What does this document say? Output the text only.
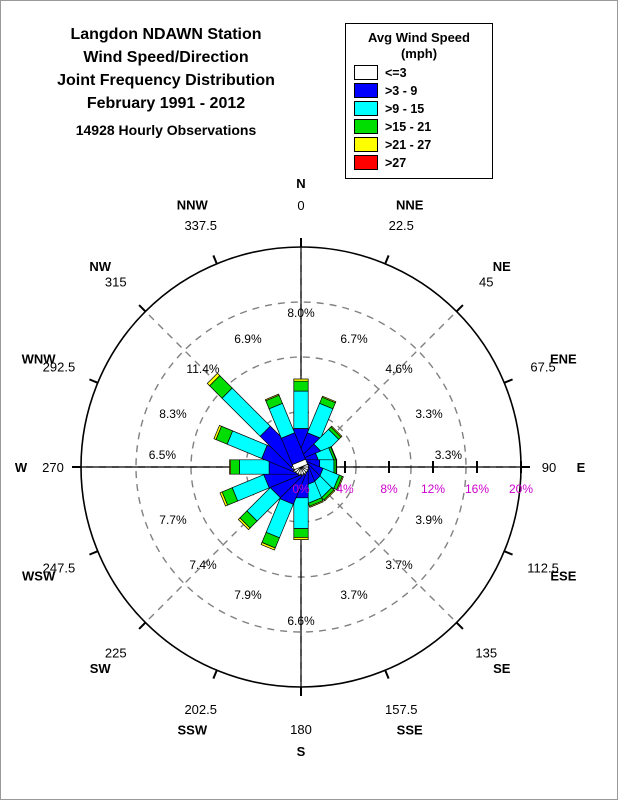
Langdon NDAWN Station
Wind Speed/Direction
Joint Frequency Distribution
February 1991 - 2012
14928 Hourly Observations
Avg Wind Speed
(mph)
<=3
>3 - 9
>9 - 15
>15 - 21
>21 - 27
>27
N
0
8.0%
NNE
22.5
6.7%
NE
45
4.6%
ENE
67.5
3.3%
E
90
3.3%
ESE
112.5
3.9%
SE
135
3.7%
SSE
157.5
3.7%
S
180
6.6%
SSW
202.5
7.9%
SW
225
7.4%
WSW
247.5
7.7%
W 270
6.5%
WNW
292.5
8.3%
NW
315
11.4%
NNW
337.5
6.9%
0% 4% 8% 12% 16% 20%
